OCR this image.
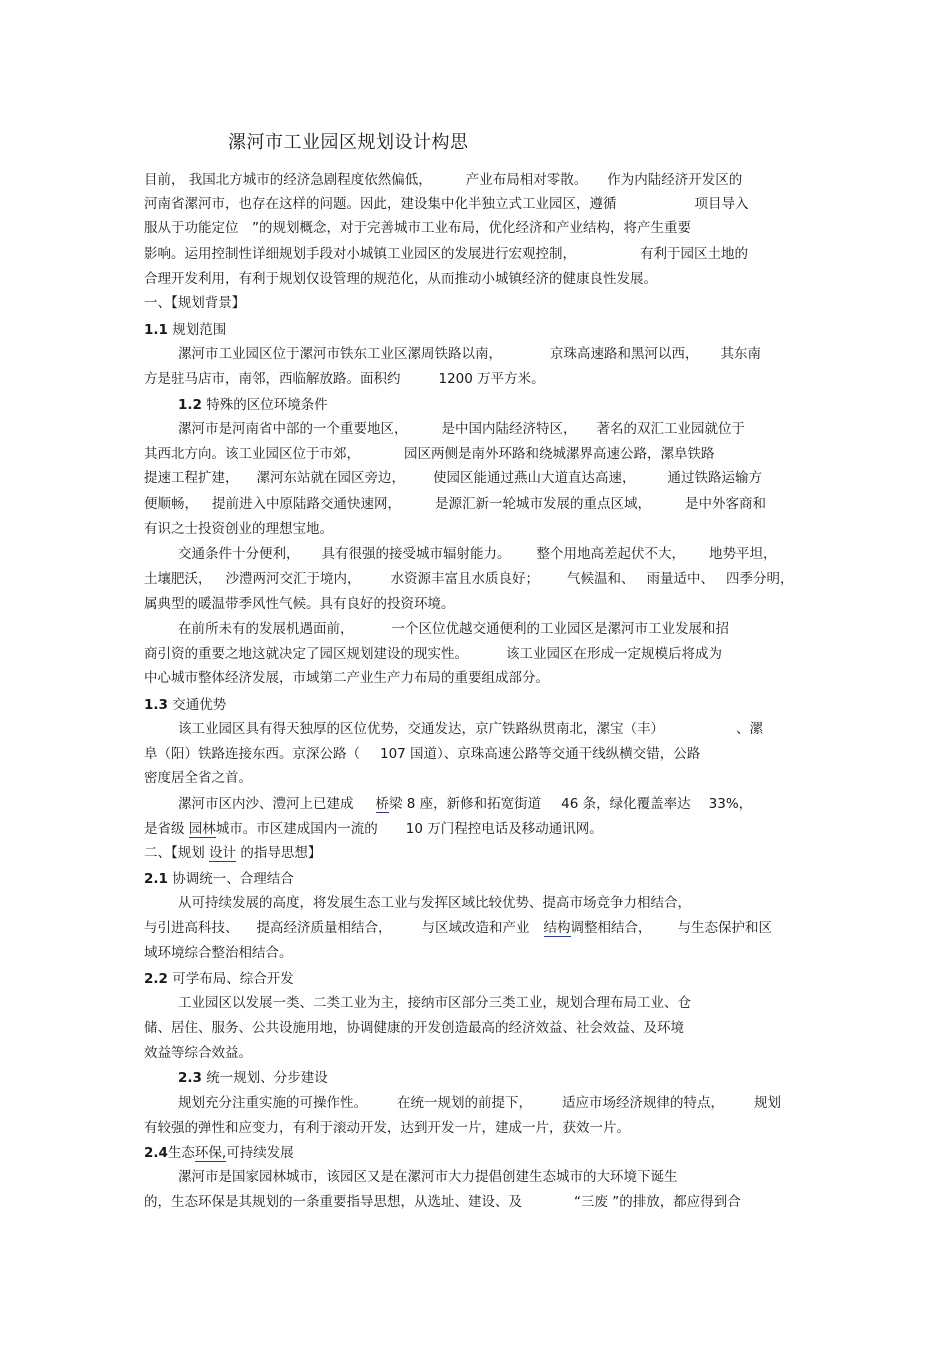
漯河市工业园区规划设计构思
目前， 我国北方城市的经济急剧程度依然偏低，	产业布局相对零散。 作为内陆经济开发区的
河南省漯河市，也存在这样的问题。因此，建设集中化半独立式工业园区，遵循	项目导入
服从于功能定位　”的规划概念，对于完善城市工业布局，优化经济和产业结构，将产生重要
影响。运用控制性详细规划手段对小城镇工业园区的发展进行宏观控制，	有利于园区土地的
合理开发利用，有利于规划仅设管理的规范化，从而推动小城镇经济的健康良性发展。
一、【规划背景】
1.1 规划范围
漯河市工业园区位于漯河市铁东工业区漯周铁路以南，	京珠高速路和黑河以西， 其东南
方是驻马店市，南邻，西临解放路。面积约	1200 万平方米。
1.2 特殊的区位环境条件
漯河市是河南省中部的一个重要地区，	是中国内陆经济特区， 著名的双汇工业园就位于
其西北方向。该工业园区位于市郊，	园区两侧是南外环路和绕城漯界高速公路，漯阜铁路
提速工程扩建， 漯河东站就在园区旁边， 使园区能通过燕山大道直达高速， 通过铁路运输方
便顺畅， 提前进入中原陆路交通快速网，	是源汇新一轮城市发展的重点区域，	是中外客商和
有识之士投资创业的理想宝地。
交通条件十分便利， 具有很强的接受城市辐射能力。 整个用地高差起伏不大， 地势平坦，
土壤肥沃， 沙澧两河交汇于境内， 水资源丰富且水质良好； 气候温和、 雨量适中、 四季分明，
属典型的暖温带季风性气候。具有良好的投资环境。
在前所未有的发展机遇面前，	一个区位优越交通便利的工业园区是漯河市工业发展和招
商引资的重要之地这就决定了园区规划建设的现实性。	该工业园区在形成一定规模后将成为
中心城市整体经济发展，市域第二产业生产力布局的重要组成部分。
1.3 交通优势
该工业园区具有得天独厚的区位优势，交通发达，京广铁路纵贯南北，漯宝（丰）	、漯
阜（阳）铁路连接东西。京深公路（ 107 国道）、京珠高速公路等交通干线纵横交错，公路
密度居全省之首。
漯河市区内沙、澧河上已建成 桥梁 8 座，新修和拓宽街道 46 条，绿化覆盖率达 33%，
是省级 园林城市。市区建成国内一流的 10 万门程控电话及移动通讯网。
二、【规划 设计 的指导思想】
2.1 协调统一、合理结合
从可持续发展的高度，将发展生态工业与发挥区域比较优势、提高市场竞争力相结合，
与引进高科技、 提高经济质量相结合， 与区域改造和产业 结构调整相结合， 与生态保护和区
域环境综合整治相结合。
2.2 可学布局、综合开发
工业园区以发展一类、二类工业为主，接纳市区部分三类工业，规划合理布局工业、仓
储、居住、服务、公共设施用地，协调健康的开发创造最高的经济效益、社会效益、及环境
效益等综合效益。
2.3 统一规划、分步建设
规划充分注重实施的可操作性。 在统一规划的前提下， 适应市场经济规律的特点， 规划
有较强的弹性和应变力，有利于滚动开发，达到开发一片，建成一片，获效一片。
2.4生态环保,可持续发展
漯河市是国家园林城市，该园区又是在漯河市大力提倡创建生态城市的大环境下诞生
的，生态环保是其规划的一条重要指导思想，从选址、建设、及	“三废 ”的排放，都应得到合
